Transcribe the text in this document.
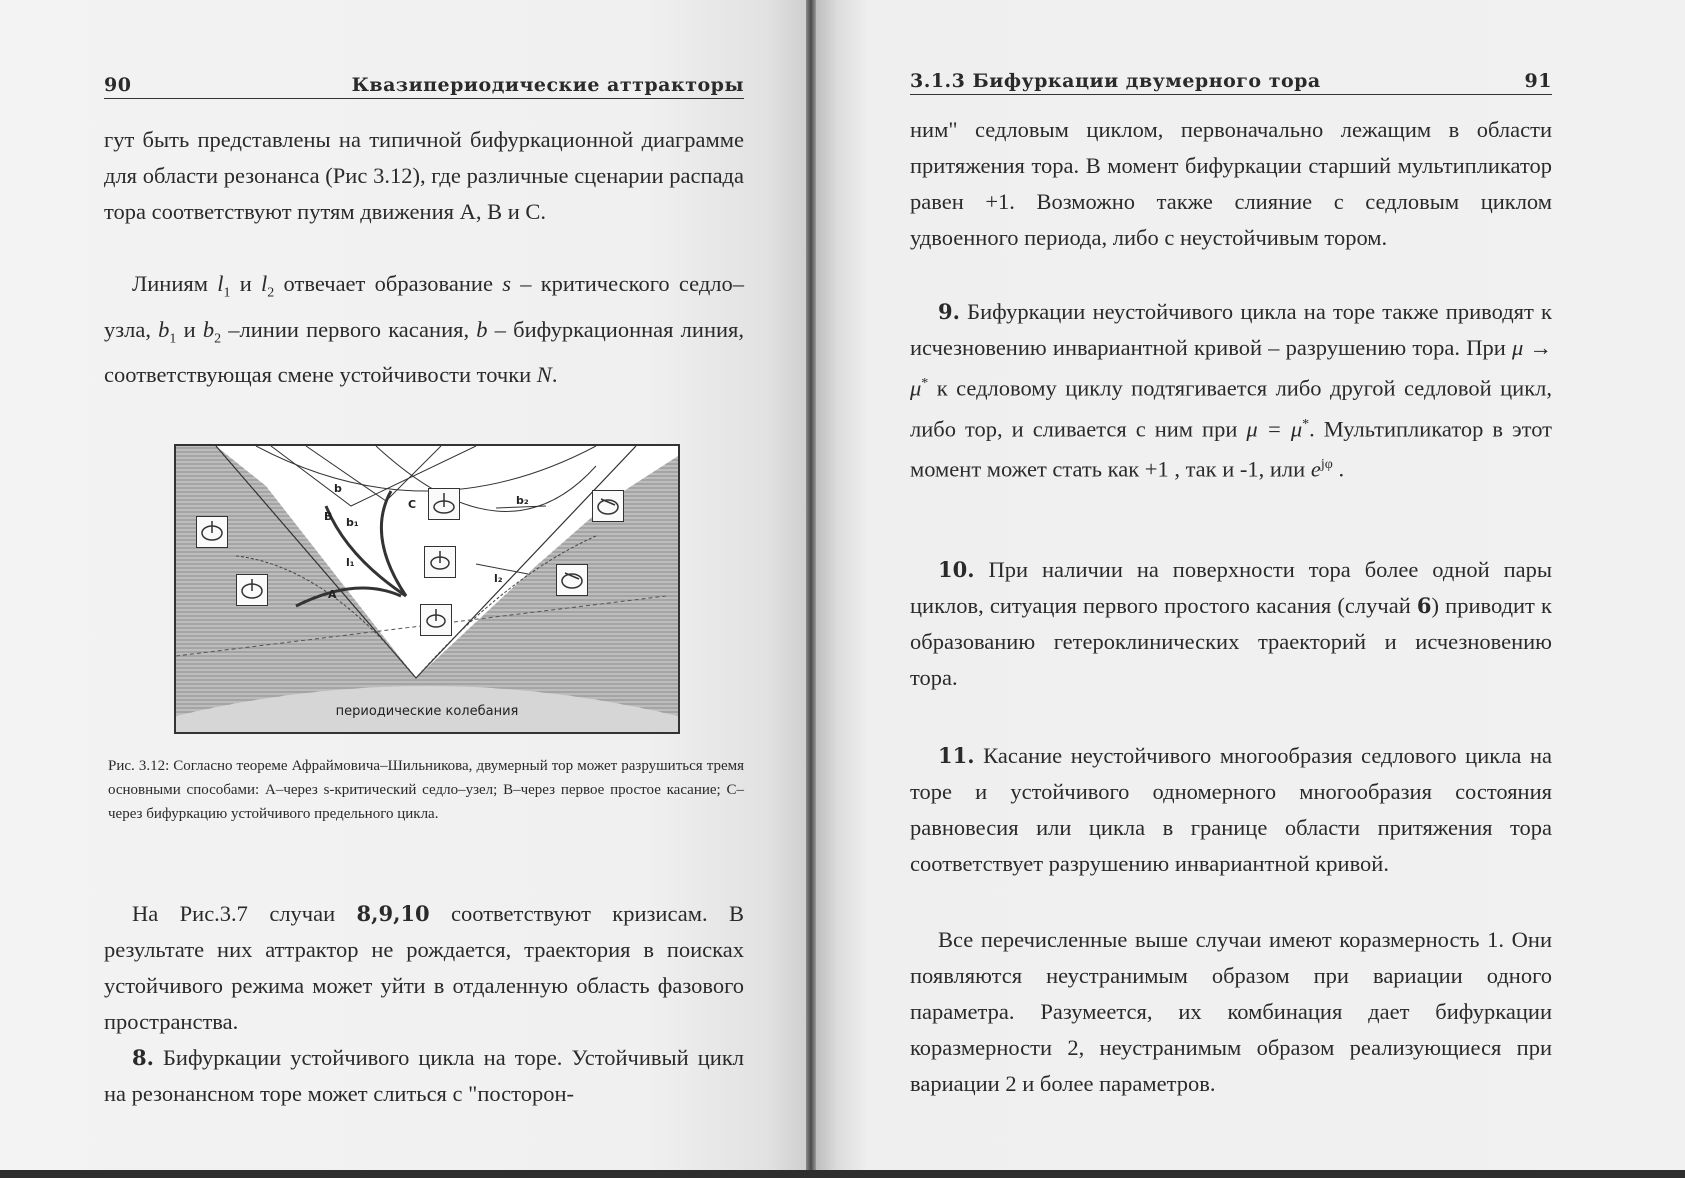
90	Квазипериодические аттракторы
гут быть представлены на типичной бифуркационной диаграмме для области резонанса (Рис 3.12), где различные сценарии распада тора соответствуют путям движения A, B и C.
Линиям $l_1$ и $l_2$ отвечает образование s – критического седло–узла, $b_1$ и $b_2$ –линии первого касания, b – бифуркационная линия, соответствующая смене устойчивости точки N.
b
B b₁
C	b₂
l₁
l₂
A
периодические колебания
Рис. 3.12: Согласно теореме Афраймовича–Шильникова, двумерный тор может разрушиться тремя основными способами: А–через s-критический седло–узел; В–через первое простое касание; С– через бифуркацию устойчивого предельного цикла.
На Рис.3.7 случаи 8,9,10 соответствуют кризисам. В результате них аттрактор не рождается, траектория в поисках устойчивого режима может уйти в отдаленную область фазового пространства.
8. Бифуркации устойчивого цикла на торе. Устойчивый цикл на резонансном торе может слиться с "посторон-
3.1.3 Бифуркации двумерного тора	91
ним" седловым циклом, первоначально лежащим в области притяжения тора. В момент бифуркации старший мультипликатор равен +1. Возможно также слияние с седловым циклом удвоенного периода, либо с неустойчивым тором.
9. Бифуркации неустойчивого цикла на торе также приводят к исчезновению инвариантной кривой – разрушению тора. При μ → μ* к седловому циклу подтягивается либо другой седловой цикл, либо тор, и сливается с ним при μ = μ*. Мультипликатор в этот момент может стать как +1 , так и -1, или $e^{j\varphi}$ .
10. При наличии на поверхности тора более одной пары циклов, ситуация первого простого касания (случай 6) приводит к образованию гетероклинических траекторий и исчезновению тора.
11. Касание неустойчивого многообразия седлового цикла на торе и устойчивого одномерного многообразия состояния равновесия или цикла в границе области притяжения тора соответствует разрушению инвариантной кривой.
Все перечисленные выше случаи имеют коразмерность 1. Они появляются неустранимым образом при вариации одного параметра. Разумеется, их комбинация дает бифуркации коразмерности 2, неустранимым образом реализующиеся при вариации 2 и более параметров.
